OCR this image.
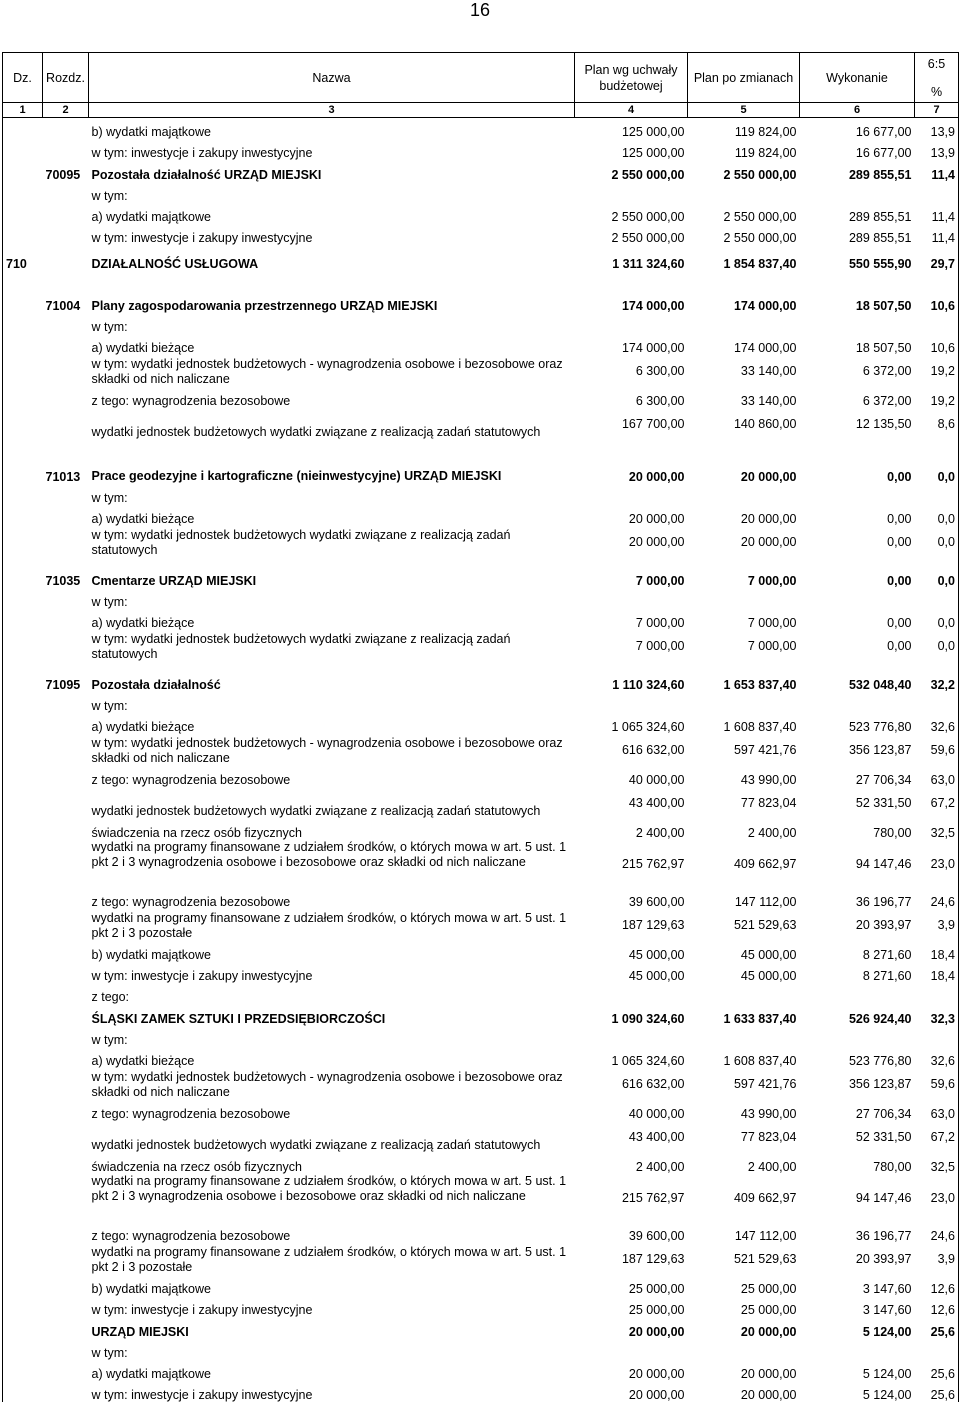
16
Dz.	Rozdz.	Nazwa	Plan wg uchwały budżetowej	Plan po zmianach	Wykonanie	6:5
%

1	2	3	4	5	6	7
		b) wydatki majątkowe	125 000,00	119 824,00	16 677,00	13,9
		w tym: inwestycje i zakupy inwestycyjne	125 000,00	119 824,00	16 677,00	13,9
	70095	Pozostała działalność URZĄD MIEJSKI	2 550 000,00	2 550 000,00	289 855,51	11,4
		w tym:				
		a) wydatki majątkowe	2 550 000,00	2 550 000,00	289 855,51	11,4
		w tym: inwestycje i zakupy inwestycyjne	2 550 000,00	2 550 000,00	289 855,51	11,4
710		DZIAŁALNOŚĆ USŁUGOWA	1 311 324,60	1 854 837,40	550 555,90	29,7
	71004	Plany zagospodarowania przestrzennego URZĄD MIEJSKI	174 000,00	174 000,00	18 507,50	10,6
		w tym:				
		a) wydatki bieżące	174 000,00	174 000,00	18 507,50	10,6
		w tym: wydatki jednostek budżetowych - wynagrodzenia osobowe i bezosobowe oraz składki od nich naliczane	6 300,00	33 140,00	6 372,00	19,2
		z tego: wynagrodzenia bezosobowe	6 300,00	33 140,00	6 372,00	19,2
		wydatki jednostek budżetowych wydatki związane z realizacją zadań statutowych	167 700,00	140 860,00	12 135,50	8,6
	71013	Prace geodezyjne i kartograficzne (nieinwestycyjne) URZĄD MIEJSKI	20 000,00	20 000,00	0,00	0,0
		w tym:				
		a) wydatki bieżące	20 000,00	20 000,00	0,00	0,0
		w tym: wydatki jednostek budżetowych wydatki związane z realizacją zadań statutowych	20 000,00	20 000,00	0,00	0,0
	71035	Cmentarze URZĄD MIEJSKI	7 000,00	7 000,00	0,00	0,0
		w tym:				
		a) wydatki bieżące	7 000,00	7 000,00	0,00	0,0
		w tym: wydatki jednostek budżetowych wydatki związane z realizacją zadań statutowych	7 000,00	7 000,00	0,00	0,0
	71095	Pozostała działalność	1 110 324,60	1 653 837,40	532 048,40	32,2
		w tym:				
		a) wydatki bieżące	1 065 324,60	1 608 837,40	523 776,80	32,6
		w tym: wydatki jednostek budżetowych - wynagrodzenia osobowe i bezosobowe oraz składki od nich naliczane	616 632,00	597 421,76	356 123,87	59,6
		z tego: wynagrodzenia bezosobowe	40 000,00	43 990,00	27 706,34	63,0
		wydatki jednostek budżetowych wydatki związane z realizacją zadań statutowych	43 400,00	77 823,04	52 331,50	67,2
		świadczenia na rzecz osób fizycznych	2 400,00	2 400,00	780,00	32,5
		wydatki na programy finansowane z udziałem środków, o których mowa w art. 5 ust. 1 pkt 2 i 3 wynagrodzenia osobowe i bezosobowe oraz składki od nich naliczane	215 762,97	409 662,97	94 147,46	23,0
		z tego: wynagrodzenia bezosobowe	39 600,00	147 112,00	36 196,77	24,6
		wydatki na programy finansowane z udziałem środków, o których mowa w art. 5 ust. 1 pkt 2 i 3 pozostałe	187 129,63	521 529,63	20 393,97	3,9
		b) wydatki majątkowe	45 000,00	45 000,00	8 271,60	18,4
		w tym: inwestycje i zakupy inwestycyjne	45 000,00	45 000,00	8 271,60	18,4
		z tego:				
		ŚLĄSKI ZAMEK SZTUKI I PRZEDSIĘBIORCZOŚCI	1 090 324,60	1 633 837,40	526 924,40	32,3
		w tym:				
		a) wydatki bieżące	1 065 324,60	1 608 837,40	523 776,80	32,6
		w tym: wydatki jednostek budżetowych - wynagrodzenia osobowe i bezosobowe oraz składki od nich naliczane	616 632,00	597 421,76	356 123,87	59,6
		z tego: wynagrodzenia bezosobowe	40 000,00	43 990,00	27 706,34	63,0
		wydatki jednostek budżetowych wydatki związane z realizacją zadań statutowych	43 400,00	77 823,04	52 331,50	67,2
		świadczenia na rzecz osób fizycznych	2 400,00	2 400,00	780,00	32,5
		wydatki na programy finansowane z udziałem środków, o których mowa w art. 5 ust. 1 pkt 2 i 3 wynagrodzenia osobowe i bezosobowe oraz składki od nich naliczane	215 762,97	409 662,97	94 147,46	23,0
		z tego: wynagrodzenia bezosobowe	39 600,00	147 112,00	36 196,77	24,6
		wydatki na programy finansowane z udziałem środków, o których mowa w art. 5 ust. 1 pkt 2 i 3 pozostałe	187 129,63	521 529,63	20 393,97	3,9
		b) wydatki majątkowe	25 000,00	25 000,00	3 147,60	12,6
		w tym: inwestycje i zakupy inwestycyjne	25 000,00	25 000,00	3 147,60	12,6
		URZĄD MIEJSKI	20 000,00	20 000,00	5 124,00	25,6
		w tym:				
		a) wydatki majątkowe	20 000,00	20 000,00	5 124,00	25,6
		w tym: inwestycje i zakupy inwestycyjne	20 000,00	20 000,00	5 124,00	25,6
